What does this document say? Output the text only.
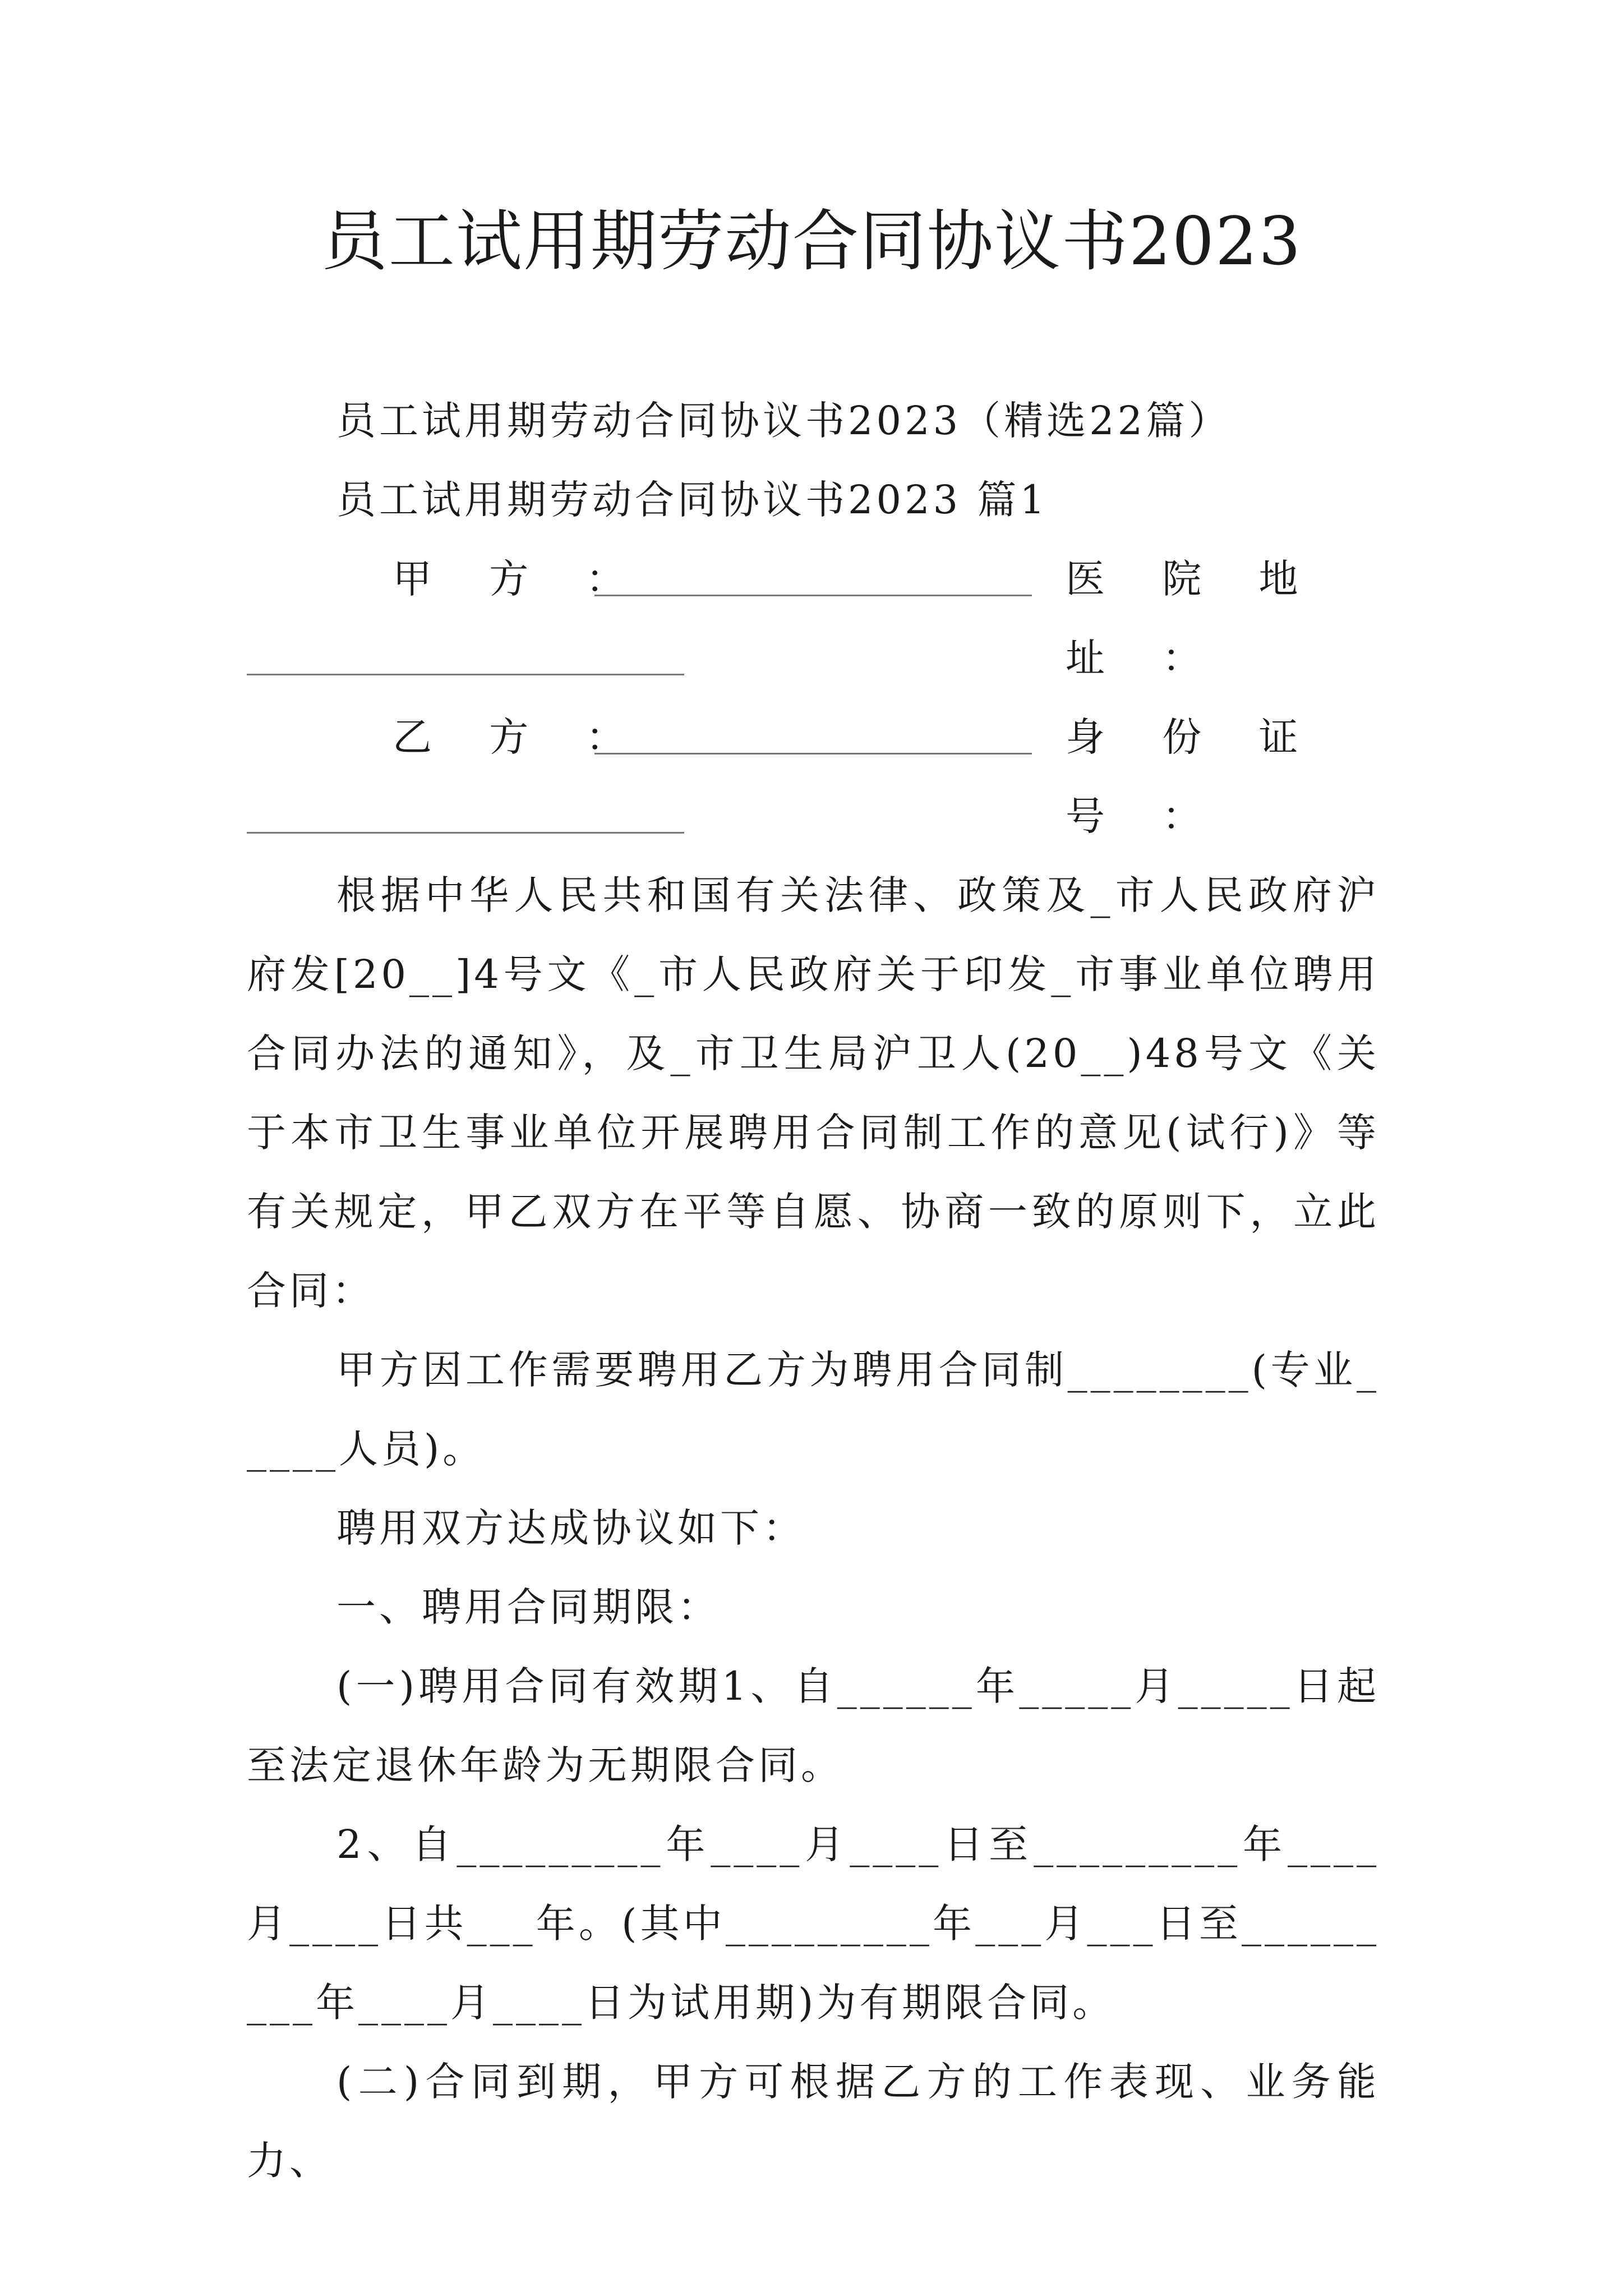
员工试用期劳动合同协议书2023

员工试用期劳动合同协议书2023（精选22篇）

员工试用期劳动合同协议书2023 篇1

甲 方 ：	医 院 地 址 ：
乙 方 ：	身 份 证 号 ：

根据中华人民共和国有关法律、政策及_市人民政府沪府发[20__]4号文《_市人民政府关于印发_市事业单位聘用合同办法的通知》，及_市卫生局沪卫人(20__)48号文《关于本市卫生事业单位开展聘用合同制工作的意见(试行)》等有关规定，甲乙双方在平等自愿、协商一致的原则下，立此合同：

甲方因工作需要聘用乙方为聘用合同制________(专业_____人员)。

聘用双方达成协议如下：

一、聘用合同期限：

(一)聘用合同有效期1、自______年_____月_____日起至法定退休年龄为无期限合同。

2、自_________年____月____日至_________年____月____日共___年。(其中_________年___月___日至_________年____月____日为试用期)为有期限合同。

(二)合同到期，甲方可根据乙方的工作表现、业务能力、
